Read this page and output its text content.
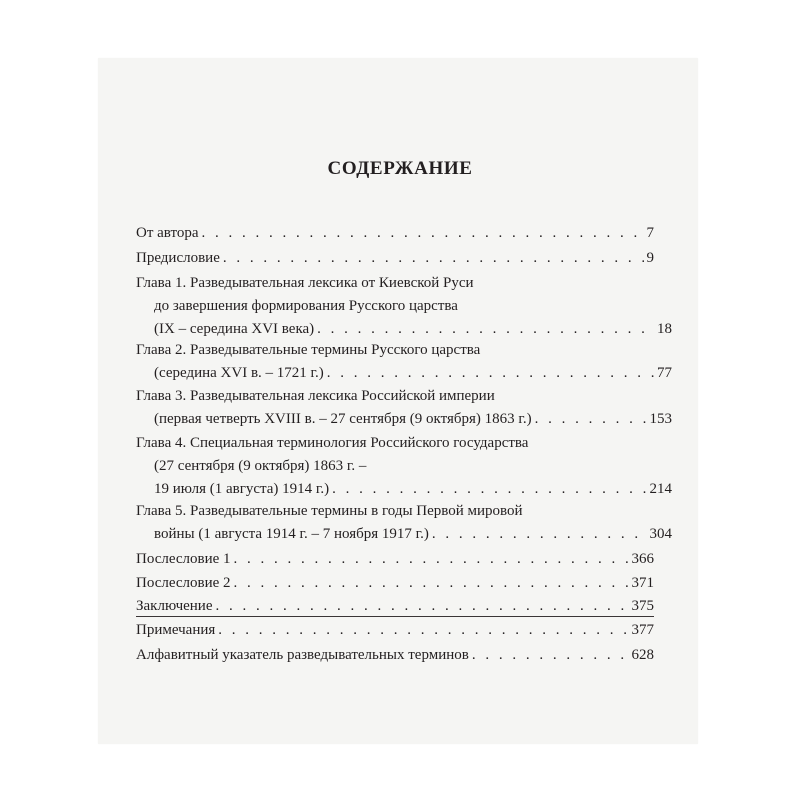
СОДЕРЖАНИЕ
От автора . . .	7
Предисловие . . .	9
Глава 1. Разведывательная лексика от Киевской Руси
до завершения формирования Русского царства
(IX – середина XVI века) . . .	18
Глава 2. Разведывательные термины Русского царства
(середина XVI в. – 1721 г.) . . .	77
Глава 3. Разведывательная лексика Российской империи
(первая четверть XVIII в. – 27 сентября (9 октября) 1863 г.) . . .	153
Глава 4. Специальная терминология Российского государства
(27 сентября (9 октября) 1863 г. –
19 июля (1 августа) 1914 г.) . . .	214
Глава 5. Разведывательные термины в годы Первой мировой
войны (1 августа 1914 г. – 7 ноября 1917 г.) . . .	304
Послесловие 1 . . .	366
Послесловие 2 . . .	371
Заключение . . .	375
Примечания . . .	377
Алфавитный указатель разведывательных терминов . . .	628
